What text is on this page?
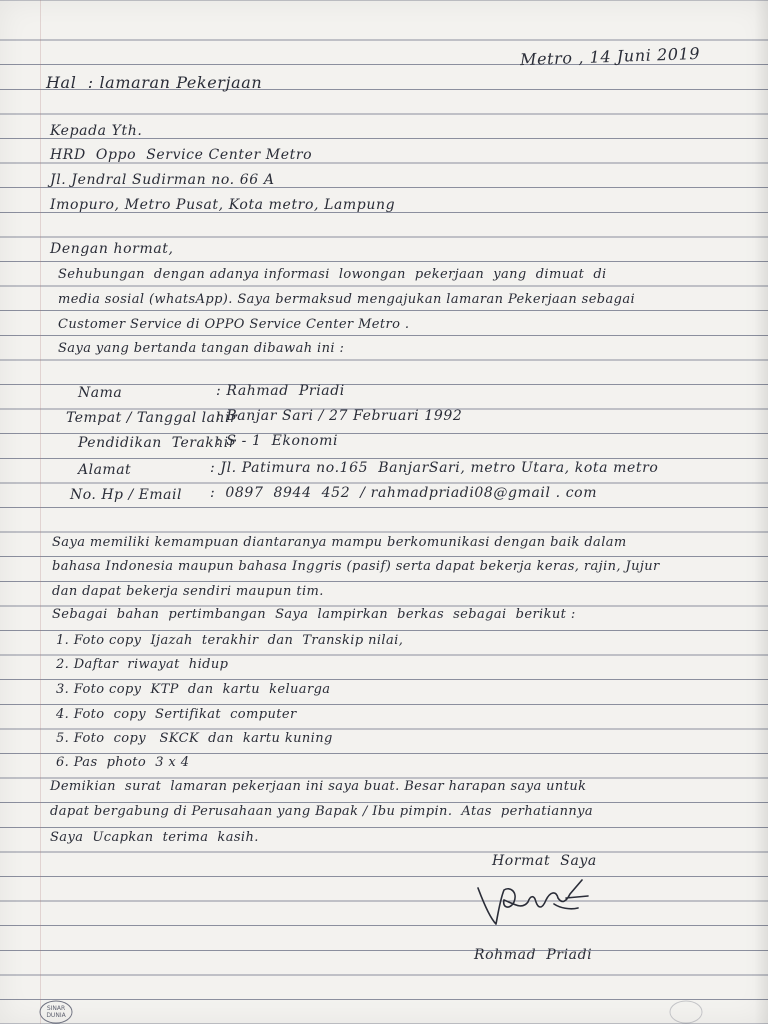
Metro , 14 Juni 2019
Hal  : lamaran Pekerjaan
Kepada Yth.
HRD  Oppo  Service Center Metro
Jl. Jendral Sudirman no. 66 A
Imopuro, Metro Pusat, Kota metro, Lampung
Dengan hormat,
Sehubungan  dengan adanya informasi  lowongan  pekerjaan  yang  dimuat  di
media sosial (whatsApp). Saya bermaksud mengajukan lamaran Pekerjaan sebagai
Customer Service di OPPO Service Center Metro .
Saya yang bertanda tangan dibawah ini :
Nama	: Rahmad  Priadi
Tempat / Tanggal lahir
: Banjar Sari / 27 Februari 1992
Pendidikan  Terakhir
: S - 1  Ekonomi
Alamat	: Jl. Patimura no.165  BanjarSari, metro Utara, kota metro
No. Hp / Email :  0897  8944  452  / rahmadpriadi08@gmail . com
Saya memiliki kemampuan diantaranya mampu berkomunikasi dengan baik dalam
bahasa Indonesia maupun bahasa Inggris (pasif) serta dapat bekerja keras, rajin, Jujur
dan dapat bekerja sendiri maupun tim.
Sebagai  bahan  pertimbangan  Saya  lampirkan  berkas  sebagai  berikut :
1. Foto copy  Ijazah  terakhir  dan  Transkip nilai,
2. Daftar  riwayat  hidup
3. Foto copy  KTP  dan  kartu  keluarga
4. Foto  copy  Sertifikat  computer
5. Foto  copy   SKCK  dan  kartu kuning
6. Pas  photo  3 x 4
Demikian  surat  lamaran pekerjaan ini saya buat. Besar harapan saya untuk
dapat bergabung di Perusahaan yang Bapak / Ibu pimpin.  Atas  perhatiannya
Saya  Ucapkan  terima  kasih.
Hormat  Saya
Rohmad  Priadi
SINAR
DUNIA
